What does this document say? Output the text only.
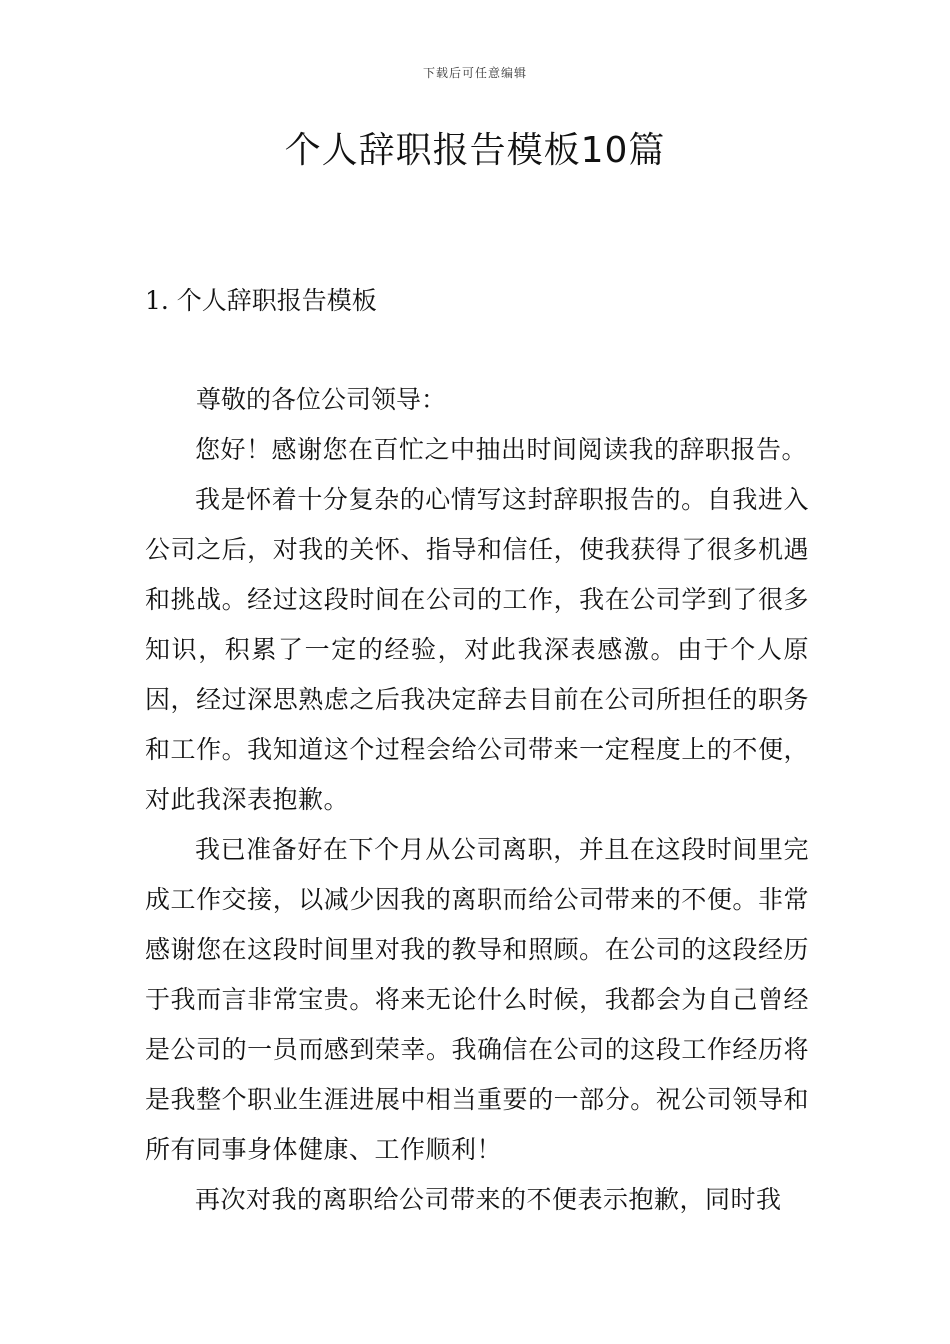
下载后可任意编辑
个人辞职报告模板10篇
1. 个人辞职报告模板

尊敬的各位公司领导：

您好！感谢您在百忙之中抽出时间阅读我的辞职报告。

我是怀着十分复杂的心情写这封辞职报告的。自我进入公司之后，对我的关怀、指导和信任，使我获得了很多机遇和挑战。经过这段时间在公司的工作，我在公司学到了很多知识，积累了一定的经验，对此我深表感激。由于个人原因，经过深思熟虑之后我决定辞去目前在公司所担任的职务和工作。我知道这个过程会给公司带来一定程度上的不便，对此我深表抱歉。

我已准备好在下个月从公司离职，并且在这段时间里完成工作交接，以减少因我的离职而给公司带来的不便。非常感谢您在这段时间里对我的教导和照顾。在公司的这段经历于我而言非常宝贵。将来无论什么时候，我都会为自己曾经是公司的一员而感到荣幸。我确信在公司的这段工作经历将是我整个职业生涯进展中相当重要的一部分。祝公司领导和所有同事身体健康、工作顺利！

再次对我的离职给公司带来的不便表示抱歉，同时我
